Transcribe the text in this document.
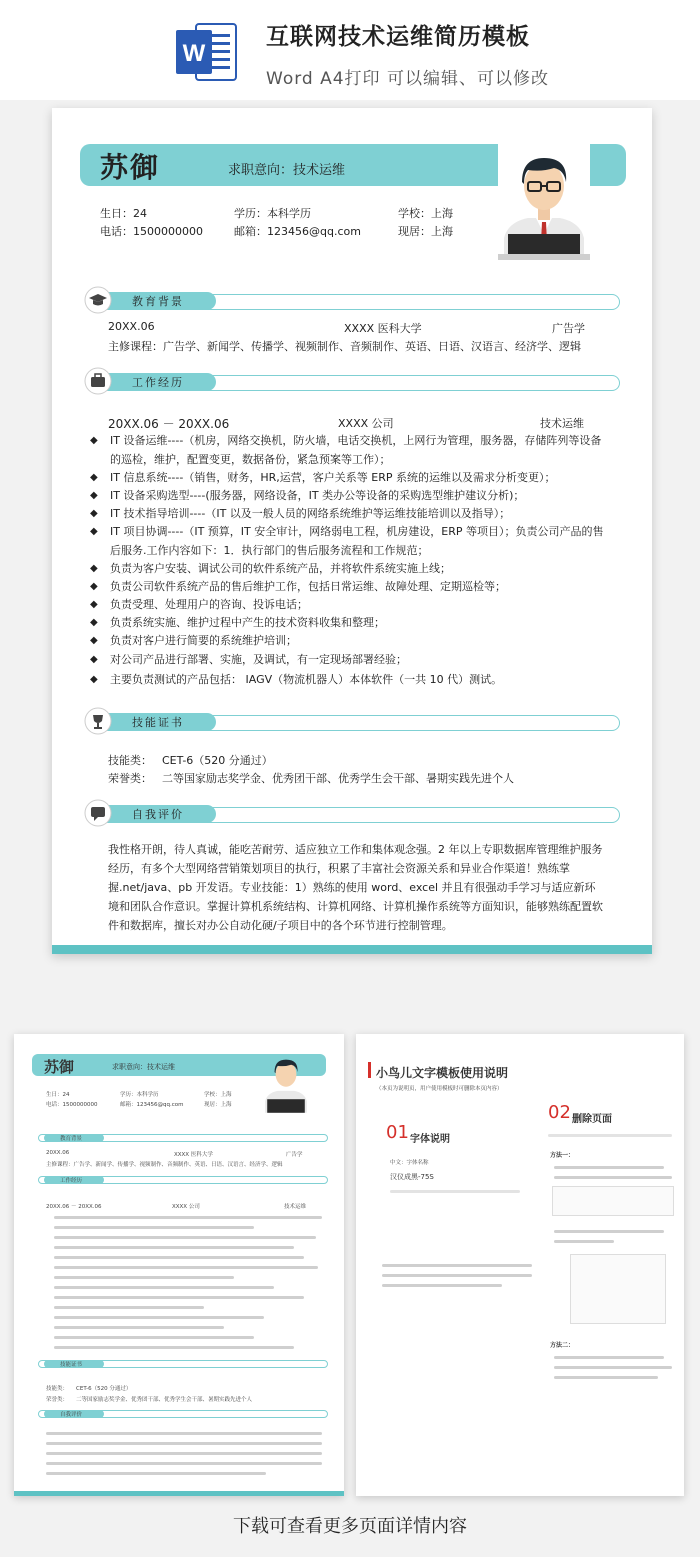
W
互联网技术运维简历模板
Word A4打印 可以编辑、可以修改
苏御	求职意向：技术运维
生日：24	学历：本科学历	学校：上海
电话：1500000000	邮箱：123456@qq.com	现居：上海
教育背景
20XX.06	XXXX 医科大学	广告学
主修课程：广告学、新闻学、传播学、视频制作、音频制作、英语、日语、汉语言、经济学、逻辑
工作经历
20XX.06 － 20XX.06	XXXX 公司	技术运维
◆ IT 设备运维----（机房，网络交换机，防火墙，电话交换机，上网行为管理，服务器，存储阵列等设备的巡检，维护，配置变更，数据备份，紧急预案等工作）；
◆ IT 信息系统----（销售，财务，HR,运营，客户关系等 ERP 系统的运维以及需求分析变更）；
◆ IT 设备采购选型----(服务器，网络设备，IT 类办公等设备的采购选型维护建议分析)；
◆ IT 技术指导培训----（IT 以及一般人员的网络系统维护等运维技能培训以及指导）；
◆ IT 项目协调----（IT 预算，IT 安全审计，网络弱电工程，机房建设，ERP 等项目）；负责公司产品的售后服务.工作内容如下：1．执行部门的售后服务流程和工作规范；
◆ 负责为客户安装、调试公司的软件系统产品，并将软件系统实施上线；
◆ 负责公司软件系统产品的售后维护工作，包括日常运维、故障处理、定期巡检等；
◆ 负责受理、处理用户的咨询、投诉电话；
◆ 负责系统实施、维护过程中产生的技术资料收集和整理；
◆ 负责对客户进行简要的系统维护培训；
◆ 对公司产品进行部署、实施，及调试，有一定现场部署经验；
◆ 主要负责测试的产品包括： IAGV（物流机器人）本体软件（一共 10 代）测试。
技能证书
技能类： CET-6（520 分通过）
荣誉类： 二等国家励志奖学金、优秀团干部、优秀学生会干部、暑期实践先进个人
自我评价
我性格开朗，待人真诚，能吃苦耐劳、适应独立工作和集体观念强。2 年以上专职数据库管理维护服务经历，有多个大型网络营销策划项目的执行，积累了丰富社会资源关系和异业合作渠道！熟练掌握.net/java、pb 开发语。专业技能：1）熟练的使用 word、excel 并且有很强动手学习与适应新环境和团队合作意识。掌握计算机系统结构、计算机网络、计算机操作系统等方面知识，能够熟练配置软件和数据库，擅长对办公自动化硬/子项目中的各个环节进行控制管理。
苏御	求职意向：技术运维
生日：24	学历：本科学历	学校：上海
电话：1500000000	邮箱：123456@qq.com	现居：上海
教育背景
20XX.06	XXXX 医科大学	广告学
主修课程：广告学、新闻学、传播学、视频制作、音频制作、英语、日语、汉语言、经济学、逻辑
工作经历
20XX.06 － 20XX.06	XXXX 公司	技术运维
技能证书
技能类： CET-6（520 分通过）
荣誉类： 二等国家励志奖学金、优秀团干部、优秀学生会干部、暑期实践先进个人
自我评价
小鸟儿文字模板使用说明
（本页为说明页，用户使用模板时可删除本页内容）
01 字体说明
中文：字体名称
汉仪成黑-75S
02 删除页面
方法一：
方法二：
下载可查看更多页面详情内容
